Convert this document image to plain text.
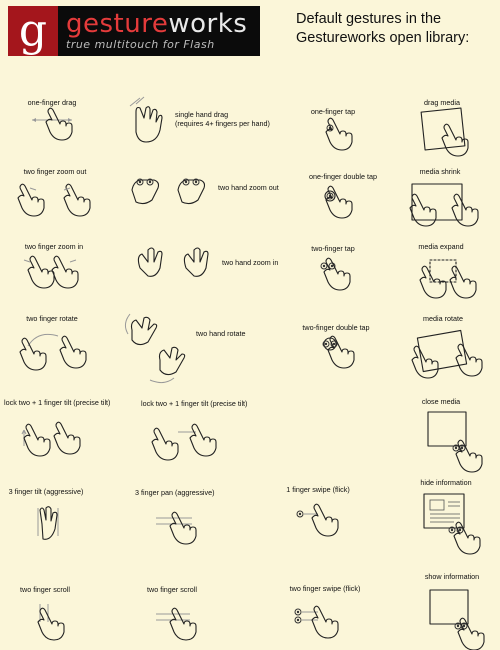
g gestureworks
true multitouch for Flash
Default gestures in the Gestureworks open library:
one-finger drag
single hand drag
(requires 4+ fingers per hand)
one-finger tap
drag media
two finger zoom out
two hand zoom out
one-finger double tap
media shrink
two finger zoom in
two hand zoom in
two-finger tap	media expand
two finger rotate
two hand rotate
two-finger double tap
media rotate
lock two + 1 finger tilt (precise tilt)	lock two + 1 finger tilt (precise tilt)	close media
3 finger tilt (aggressive)	3 finger pan (aggressive)	1 finger swipe (flick)
hide information
two finger scroll	two finger scroll	two finger swipe (flick)
show information
